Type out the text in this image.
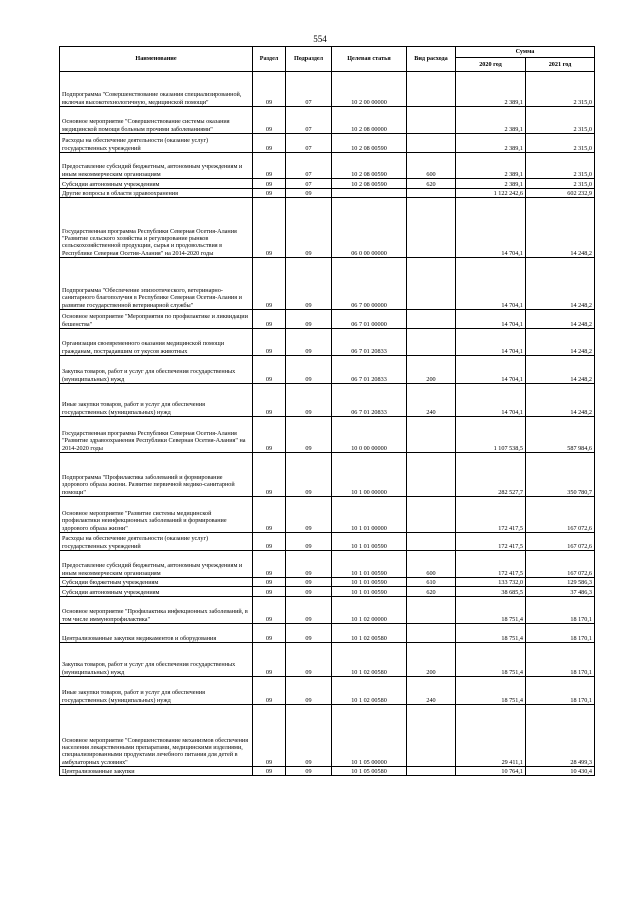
554
Наименование	Раздел	Подраздел	Целевая статья	Вид расхода	Сумма	
					2020 год	2021 год
Подпрограмма "Совершенствование оказания специализированной, включая высокотехнологичную, медицинской помощи"	09	07	10 2 00 00000		2 389,1	2 315,0
Основное мероприятие "Совершенствование системы оказания медицинской помощи больным прочими заболеваниями"	09	07	10 2 08 00000		2 389,1	2 315,0
Расходы на обеспечение деятельности (оказание услуг) государственных учреждений	09	07	10 2 08 00590		2 389,1	2 315,0
Предоставление субсидий бюджетным, автономным учреждениям и иным некоммерческим организациям	09	07	10 2 08 00590	600	2 389,1	2 315,0
Субсидии автономным учреждениям	09	07	10 2 08 00590	620	2 389,1	2 315,0
Другие вопросы в области здравоохранения	09	09			1 122 242,6	602 232,9
Государственная программа Республики Северная Осетия-Алания "Развитие сельского хозяйства и регулирование рынков сельскохозяйственной продукции, сырья и продовольствия в Республике Северная Осетия-Алания" на 2014-2020 годы	09	09	06 0 00 00000		14 704,1	14 248,2
Подпрограмма "Обеспечение эпизоотического, ветеринарно-санитарного благополучия в Республике Северная Осетия-Алания и развитие государственной ветеринарной службы"	09	09	06 7 00 00000		14 704,1	14 248,2
Основное мероприятие "Мероприятия по профилактике и ликвидации бешенства"	09	09	06 7 01 00000		14 704,1	14 248,2
Организация своевременного оказания медицинской помощи гражданам, пострадавшим от укусов животных	09	09	06 7 01 20833		14 704,1	14 248,2
Закупка товаров, работ и услуг для обеспечения государственных (муниципальных) нужд	09	09	06 7 01 20833	200	14 704,1	14 248,2
Иные закупки товаров, работ и услуг для обеспечения государственных (муниципальных) нужд	09	09	06 7 01 20833	240	14 704,1	14 248,2
Государственная программа Республики Северная Осетия-Алания "Развитие здравоохранения Республики Северная Осетия-Алания" на 2014-2020 годы	09	09	10 0 00 00000		1 107 538,5	587 984,6
Подпрограмма "Профилактика заболеваний и формирование здорового образа жизни. Развитие первичной медико-санитарной помощи"	09	09	10 1 00 00000		282 527,7	350 780,7
Основное мероприятие "Развитие системы медицинской профилактики неинфекционных заболеваний и формирование здорового образа жизни"	09	09	10 1 01 00000		172 417,5	167 072,6
Расходы на обеспечение деятельности (оказание услуг) государственных учреждений	09	09	10 1 01 00590		172 417,5	167 072,6
Предоставление субсидий бюджетным, автономным учреждениям и иным некоммерческим организациям	09	09	10 1 01 00590	600	172 417,5	167 072,6
Субсидии бюджетным учреждениям	09	09	10 1 01 00590	610	133 732,0	129 586,3
Субсидии автономным учреждениям	09	09	10 1 01 00590	620	38 685,5	37 486,3
Основное мероприятие "Профилактика инфекционных заболеваний, в том числе иммунопрофилактика"	09	09	10 1 02 00000		18 751,4	18 170,1
Централизованные закупки медикаментов и оборудования	09	09	10 1 02 00580		18 751,4	18 170,1
Закупка товаров, работ и услуг для обеспечения государственных (муниципальных) нужд	09	09	10 1 02 00580	200	18 751,4	18 170,1
Иные закупки товаров, работ и услуг для обеспечения государственных (муниципальных) нужд	09	09	10 1 02 00580	240	18 751,4	18 170,1
Основное мероприятие "Совершенствование механизмов обеспечения населения лекарственными препаратами, медицинскими изделиями, специализированными продуктами лечебного питания для детей в амбулаторных условиях"	09	09	10 1 05 00000		29 411,1	28 499,3
Централизованные закупки	09	09	10 1 05 00580		10 764,1	10 430,4
